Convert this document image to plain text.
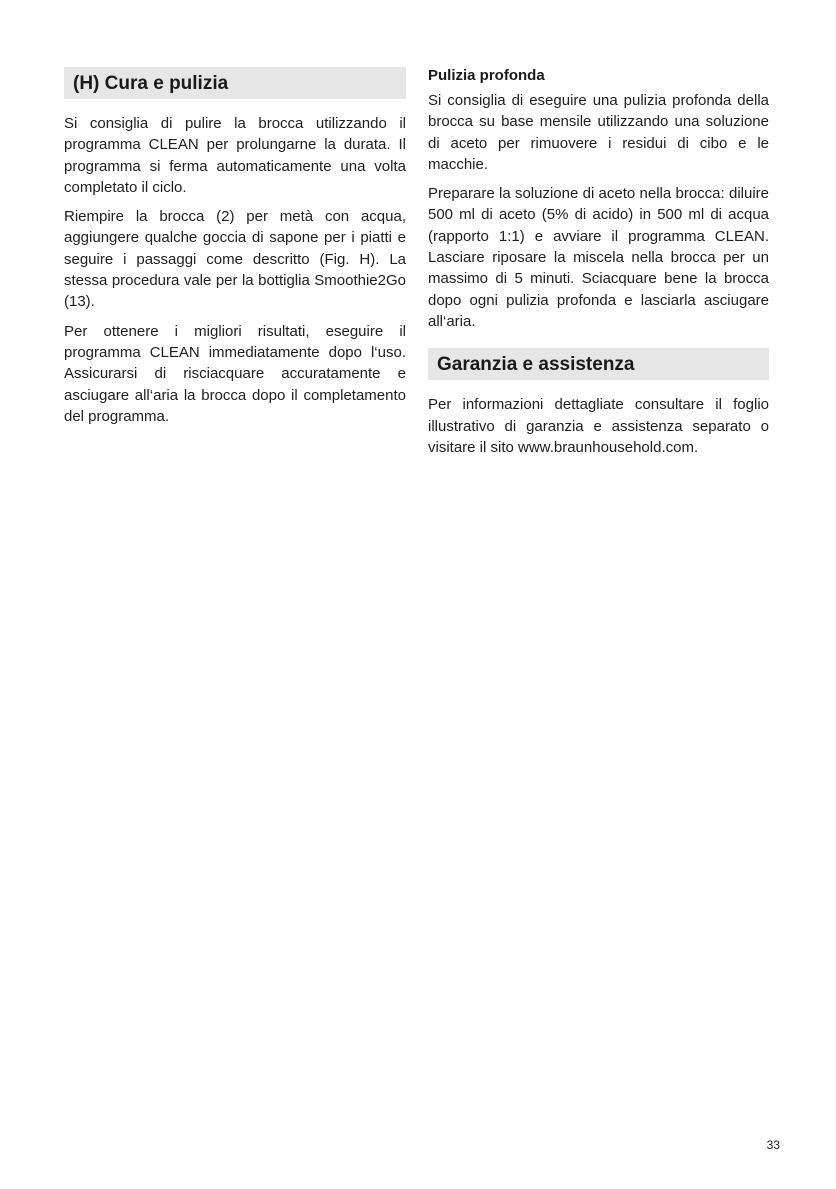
(H) Cura e pulizia

Si consiglia di pulire la brocca utilizzando il programma CLEAN per prolungarne la durata. Il programma si ferma automaticamente una volta completato il ciclo.

Riempire la brocca (2) per metà con acqua, aggiungere qualche goccia di sapone per i piatti e seguire i passaggi come descritto (Fig. H). La stessa procedura vale per la bottiglia Smoothie2Go (13).

Per ottenere i migliori risultati, eseguire il programma CLEAN immediatamente dopo l‘uso. Assicurarsi di risciacquare accuratamente e asciugare all‘aria la brocca dopo il completamento del programma.

Pulizia profonda

Si consiglia di eseguire una pulizia profonda della brocca su base mensile utilizzando una soluzione di aceto per rimuovere i residui di cibo e le macchie.

Preparare la soluzione di aceto nella brocca: diluire 500 ml di aceto (5% di acido) in 500 ml di acqua (rapporto 1:1) e avviare il programma CLEAN. Lasciare riposare la miscela nella brocca per un massimo di 5 minuti. Sciacquare bene la brocca dopo ogni pulizia profonda e lasciarla asciugare all‘aria.

Garanzia e assistenza

Per informazioni dettagliate consultare il foglio illustrativo di garanzia e assistenza separato o visitare il sito www.braunhousehold.com.

33
